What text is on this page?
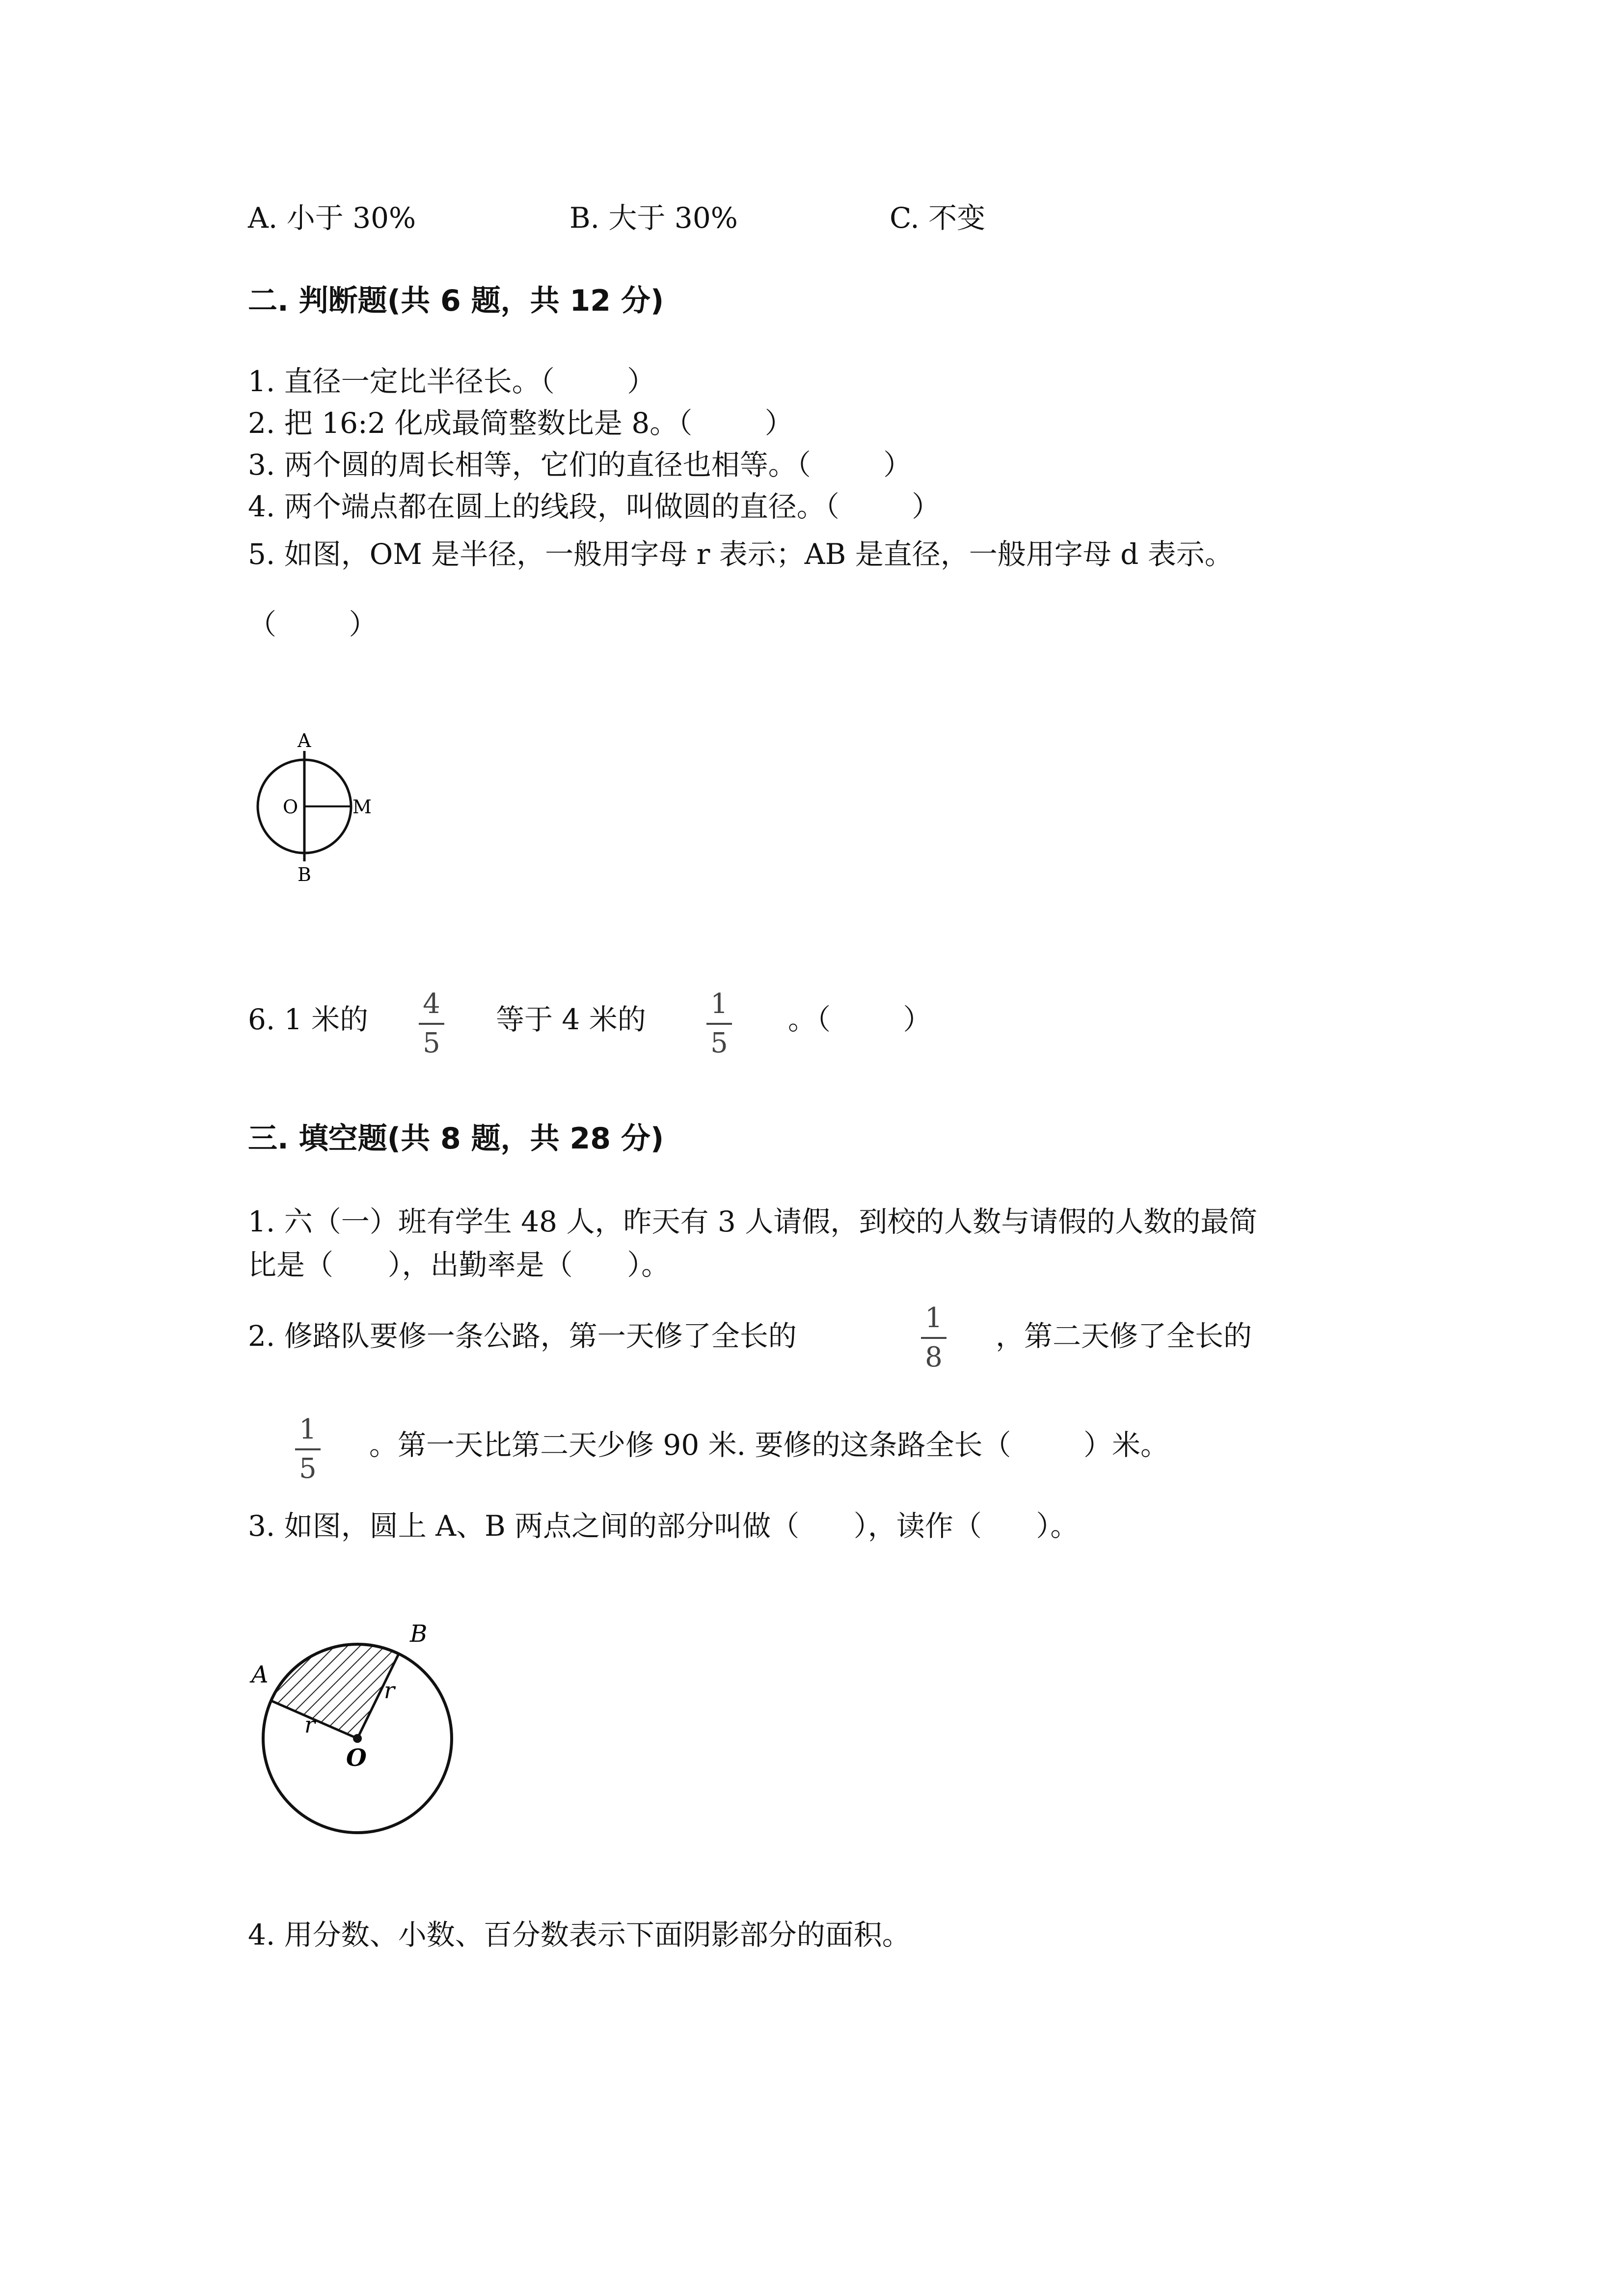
A. 小于 30%	B. 大于 30%	C. 不变
二. 判断题(共 6 题，共 12 分)
1. 直径一定比半径长。（        ）
2. 把 16:2 化成最简整数比是 8。（        ）
3. 两个圆的周长相等，它们的直径也相等。（        ）
4. 两个端点都在圆上的线段，叫做圆的直径。（        ）
5. 如图，OM 是半径，一般用字母 r 表示；AB 是直径，一般用字母 d 表示。
（        ）
A
O	M
B
6. 1 米的 4
5
等于 4 米的 1
5
。（        ）
三. 填空题(共 8 题，共 28 分)
1. 六（一）班有学生 48 人，昨天有 3 人请假，到校的人数与请假的人数的最简
比是（      ），出勤率是（      ）。
2. 修路队要修一条公路，第一天修了全长的
1
8
，第二天修了全长的
1
5
。第一天比第二天少修 90 米. 要修的这条路全长（        ）米。
3. 如图，圆上 A、B 两点之间的部分叫做（      ），读作（      ）。
A
B
r
r
O
4. 用分数、小数、百分数表示下面阴影部分的面积。
